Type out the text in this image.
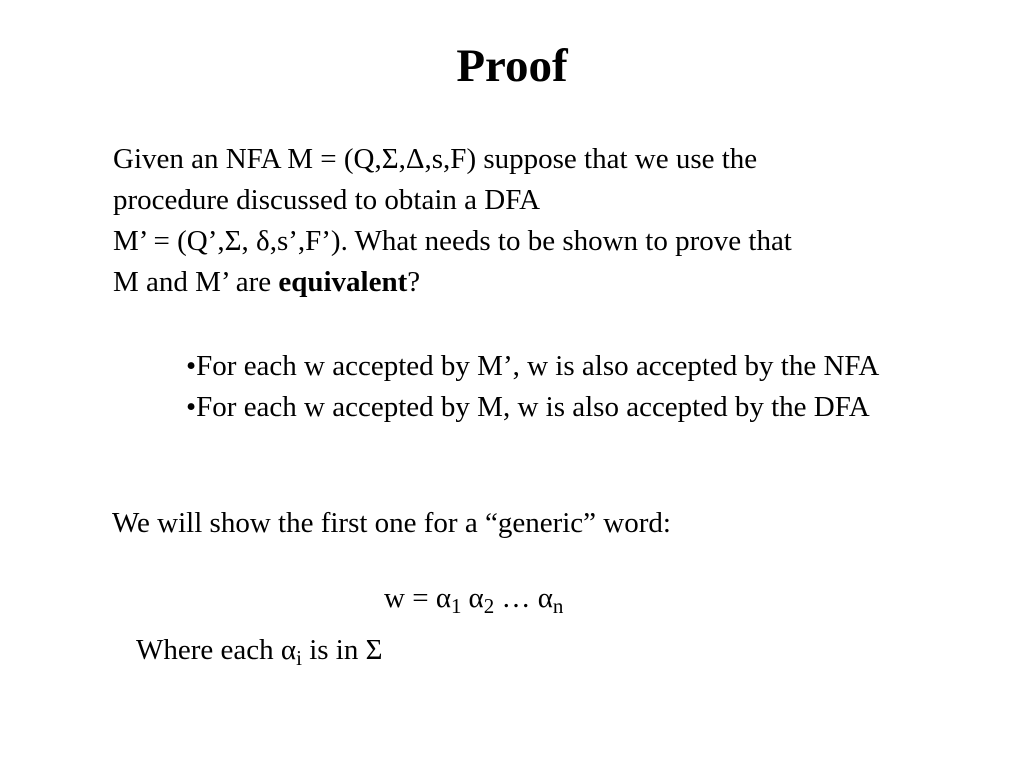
Proof
Given an NFA M = (Q,Σ,Δ,s,F) suppose that we use the
procedure discussed to obtain a DFA
M’ = (Q’,Σ, δ,s’,F’). What needs to be shown to prove that
M and M’ are equivalent?
•For each w accepted by M’, w is also accepted by the NFA
•For each w accepted by M, w is also accepted by the DFA
We will show the first one for a “generic” word:
$w = \alpha_1$ $\alpha_2$ … $\alpha_n$
Where each $\alpha_i$ is in Σ
